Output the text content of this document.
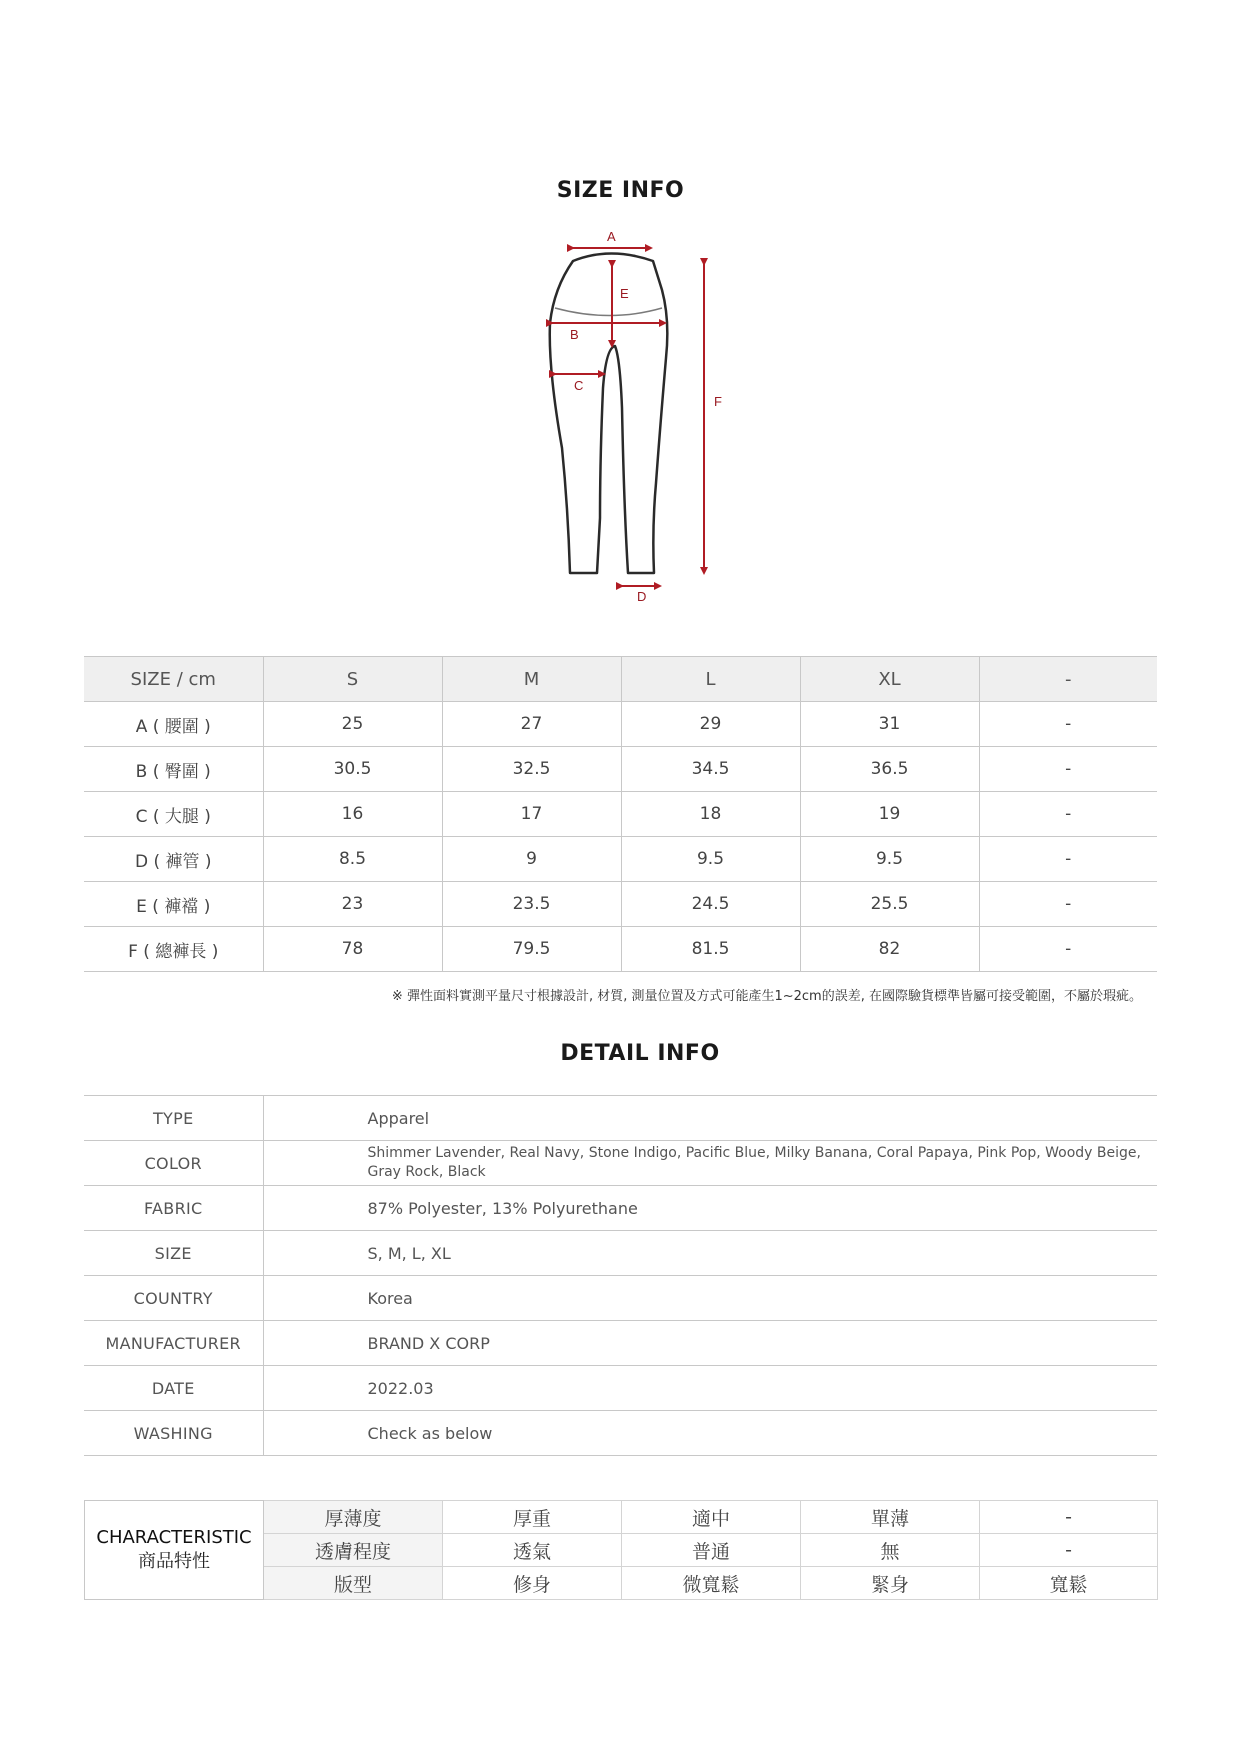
SIZE INFO
A
E
B
C
D
F
SIZE / cm	S	M	L	XL	-
A ( 腰圍 )	25	27	29	31	-
B ( 臀圍 )	30.5	32.5	34.5	36.5	-
C ( 大腿 )	16	17	18	19	-
D ( 褲管 )	8.5	9	9.5	9.5	-
E ( 褲襠 )	23	23.5	24.5	25.5	-
F ( 總褲長 )	78	79.5	81.5	82	-
※ 彈性面料實測平量尺寸根據設計, 材質, 測量位置及方式可能產生1~2cm的誤差, 在國際驗貨標準皆屬可接受範圍，不屬於瑕疵。
DETAIL INFO
TYPE	Apparel
COLOR	Shimmer Lavender, Real Navy, Stone Indigo, Pacific Blue, Milky Banana, Coral Papaya, Pink Pop, Woody Beige, Gray Rock, Black
FABRIC	87% Polyester, 13% Polyurethane
SIZE	S, M, L, XL
COUNTRY	Korea
MANUFACTURER	BRAND X CORP
DATE	2022.03
WASHING	Check as below
CHARACTERISTIC
商品特性	厚薄度	厚重	適中	單薄	-
	透膚程度	透氣	普通	無	-
	版型	修身	微寬鬆	緊身	寬鬆
